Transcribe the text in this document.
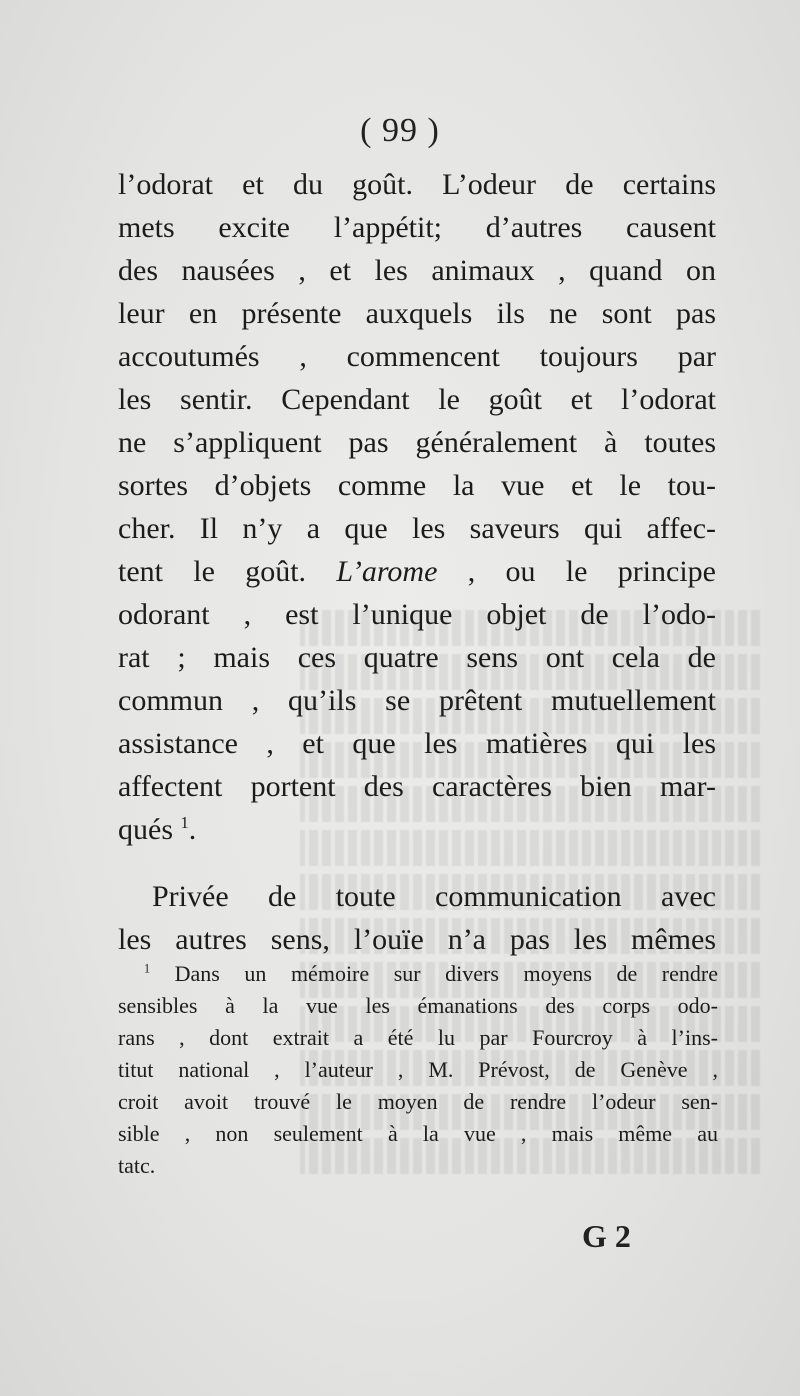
( 99 )
l’odorat et du goût. L’odeur de certains
mets excite l’appétit; d’autres causent
des nausées , et les animaux , quand on
leur en présente auxquels ils ne sont pas
accoutumés , commencent toujours par
les sentir. Cependant le goût et l’odorat
ne s’appliquent pas généralement à toutes
sortes d’objets comme la vue et le tou-
cher. Il n’y a que les saveurs qui affec-
tent le goût. L’arome , ou le principe
odorant , est l’unique objet de l’odo-
rat ; mais ces quatre sens ont cela de
commun , qu’ils se prêtent mutuellement
assistance , et que les matières qui les
affectent portent des caractères bien mar-
qués $^1$.
Privée de toute communication avec
les autres sens, l’ouïe n’a pas les mêmes
$^1$ Dans un mémoire sur divers moyens de rendre
sensibles à la vue les émanations des corps odo-
rans , dont extrait a été lu par Fourcroy à l’ins-
titut national , l’auteur , M. Prévost, de Genève ,
croit avoit trouvé le moyen de rendre l’odeur sen-
sible , non seulement à la vue , mais même au
tatc.
G 2
